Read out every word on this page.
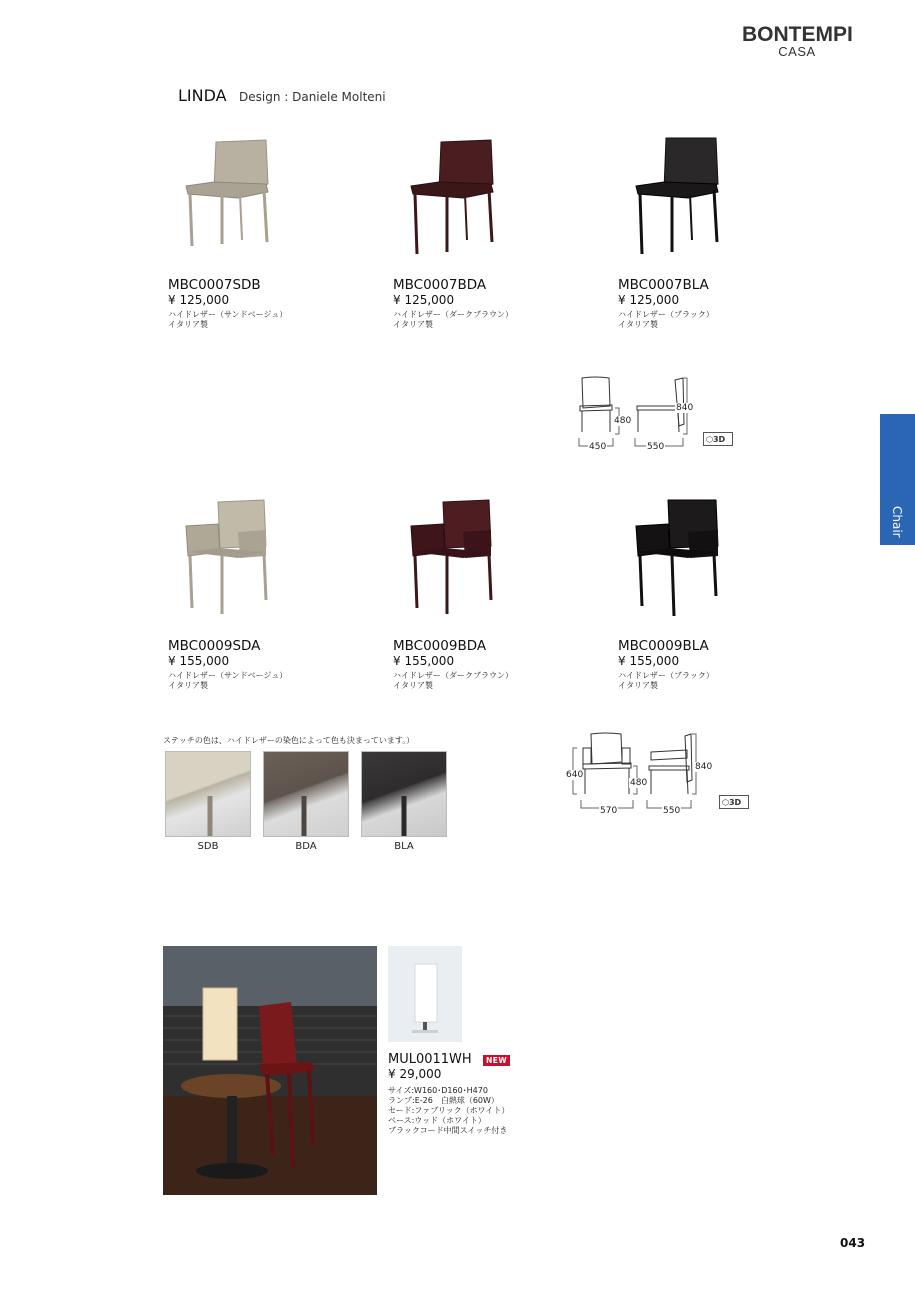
BONTEMPI
CASA
LINDA Design : Daniele Molteni
Chair
MBC0007SDB
¥ 125,000
ハイドレザー（サンドベージュ）
イタリア製
MBC0007BDA
¥ 125,000
ハイドレザー（ダークブラウン）
イタリア製
MBC0007BLA
¥ 125,000
ハイドレザー（ブラック）
イタリア製
480
840
450	550
⬡3D
MBC0009SDA
¥ 155,000
ハイドレザー（サンドベージュ）
イタリア製
MBC0009BDA
¥ 155,000
ハイドレザー（ダークブラウン）
イタリア製
MBC0009BLA
¥ 155,000
ハイドレザー（ブラック）
イタリア製
640
480
840
570	550
⬡3D
ステッチの色は、ハイドレザーの染色によって色も決まっています。）
SDB	BDA	BLA
MUL0011WH	NEW
¥ 29,000
サイズ:W160･D160･H470
ランプ:E-26　白熱球（60W）
セード:ファブリック（ホワイト）
ベース:ウッド（ホワイト）
ブラックコード中間スイッチ付き
043
